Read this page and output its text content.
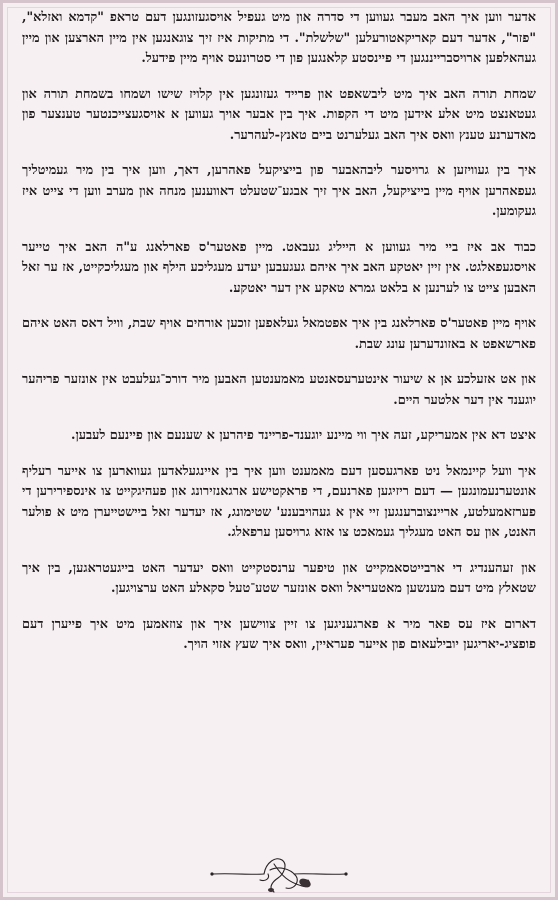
אדער ווען איך האב מעבר געווען די סדרה און מיט געפיל אויסגעזונגען דעם טראפ "קדמא ואזלא", "פזר", אדער דעם קאריקאטורעלען "שלשלת". די מתיקות איז זיך צוגאנגען אין מיין הארצען און מיין געהאלפען ארויסברייננגען די פיינסטע קלאנגען פון די סטרונעס אויף מיין פידעל.

שמחת תורה האב איך מיט ליבשאפט און פרייד געזונגען אין קלויז שישו ושמחו בשמחת תורה און געטאנצט מיט אלע אידען מיט די הקפות. איך בין אבער אויך געווען א אויסגעצייכנטער טענצער פון מאדערנע טענץ וואס איך האב געלערנט ביים טאנץ-לעהרער.

איך בין געוויזען א גרויסער ליבהאבער פון בייציקעל פאהרען, דאך, ווען איך בין מיר געמיטליך געפאהרען אויף מיין בייציקעל, האב איך זיך אבגע־שטעלט דאווענען מנחה און מערב ווען די צייט איז געקומען.

כבוד אב איז ביי מיר געווען א הייליג געבאט. מיין פאטער'ס פארלאנג ע"ה האב איך טייער אויסגעפאלגט. אין זיין יאטקע האב איך איהם געגעבען יעדע מעגליכע הילף און מעגליכקייט, אז ער זאל האבען צייט צו לערנען א בלאט גמרא טאקע אין דער יאטקע.

אויף מיין פאטער'ס פארלאנג בין איך אפטמאל געלאפען זוכען אורחים אויף שבת, וויל דאס האט איהם פארשאפט א באזונדערען עונג שבת.

און אט אזעלכע אן א שיעור אינטערעסאנטע מאמענטען האבען מיר דורכ־געלעבט אין אונזער פריהער יוגענד אין דער אלטער היים.

איצט דא אין אמעריקע, זעה איך ווי מיינע יוגענד-פריינד פיהרען א שענעם און פיינעם לעבען.

איך וועל קיינמאל ניט פארגעסען דעם מאמענט ווען איך בין איינגעלאדען געווארען צו אייער רעליף אונטערנעמונגען — דעם ריזיגען פארנעם, די פראקטישע ארגאנזירונג און פעהיגקייט צו אינספירירען די פערזאמעלטע, אריינצוברענגען זיי אין א געהויבענע' שטימונג, אז יעדער זאל ביישטייערן מיט א פולער האנט, און עס האט מעגליך געמאכט צו אזא גרויסען ערפאלג.

און זעהענדיג די ארבייטסאמקייט און טיפער ערנסטקייט וואס יעדער האט בייגעטראגען, בין איך שטאלץ מיט דעם מענשען מאטעריאל וואס אונזער שטע־טעל סקאלע האט ערצויגען.

דארום איז עס פאר מיר א פארגעניגען צו זיין צווישען איך און צוזאמען מיט איך פייערן דעם פופציג-יאריגען יובילעאום פון אייער פעראיין, וואס איך שעץ אזוי הויך.
